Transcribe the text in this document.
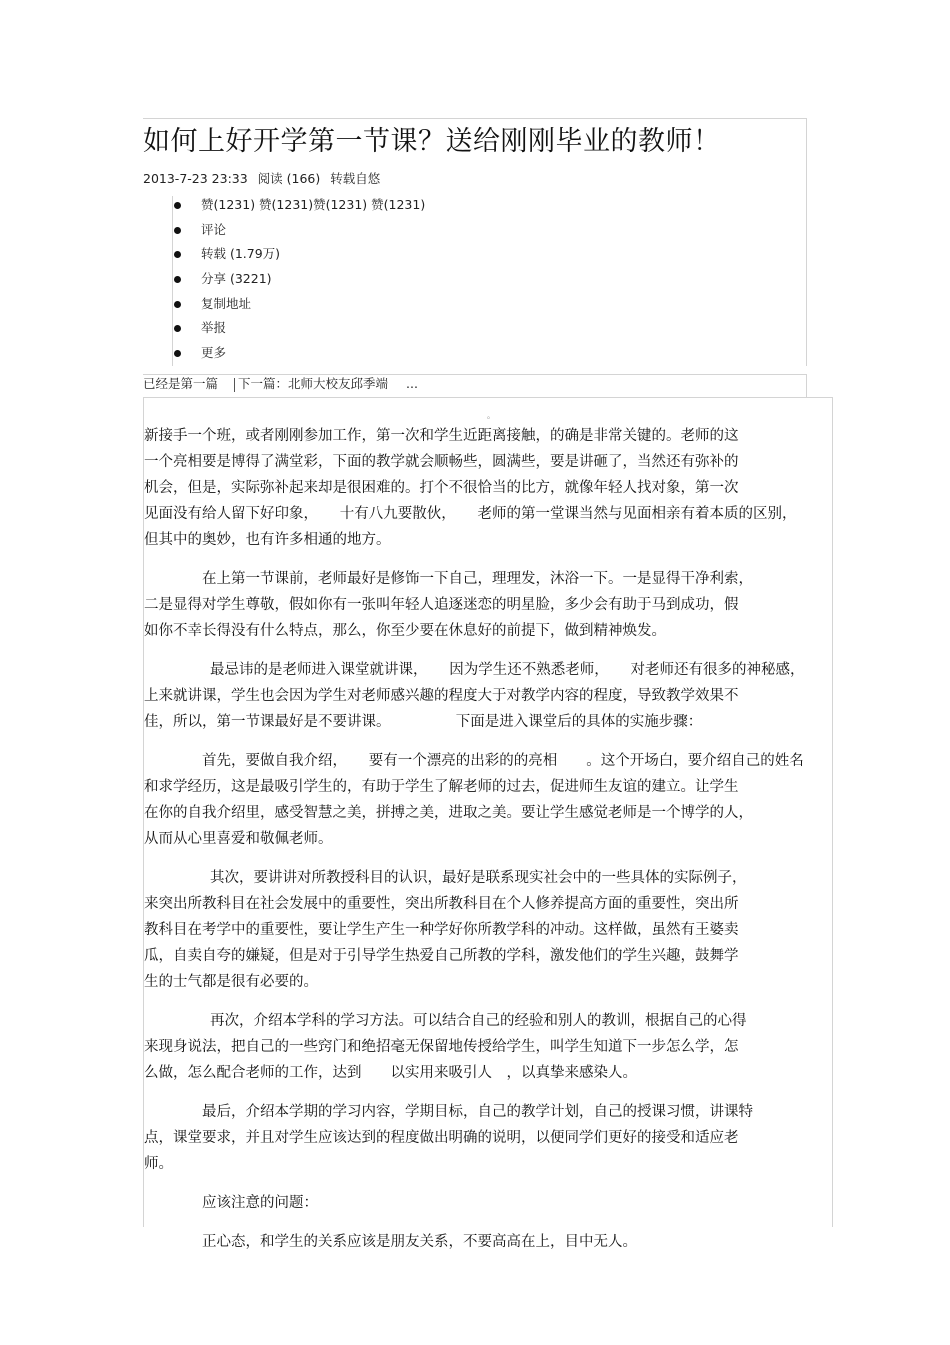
如何上好开学第一节课？送给刚刚毕业的教师！
2013-7-23 23:33 阅读 (166) 转载自悠
赞(1231) 赞(1231)赞(1231) 赞(1231)
评论
转载 (1.79万)
分享 (3221)
复制地址
举报
更多
已经是第一篇 下一篇：北师大校友邱季端 ...
。

新接手一个班，或者刚刚参加工作，第一次和学生近距离接触，的确是非常关键的。老师的这
一个亮相要是博得了满堂彩，下面的教学就会顺畅些，圆满些，要是讲砸了，当然还有弥补的
机会，但是，实际弥补起来却是很困难的。打个不很恰当的比方，就像年轻人找对象，第一次
见面没有给人留下好印象，　　十有八九要散伙，　　老师的第一堂课当然与见面相亲有着本质的区别，
但其中的奥妙，也有许多相通的地方。

在上第一节课前，老师最好是修饰一下自己，理理发，沐浴一下。一是显得干净利索，
二是显得对学生尊敬，假如你有一张叫年轻人追逐迷恋的明星脸，多少会有助于马到成功，假
如你不幸长得没有什么特点，那么，你至少要在休息好的前提下，做到精神焕发。

最忌讳的是老师进入课堂就讲课，　　因为学生还不熟悉老师，　　对老师还有很多的神秘感，
上来就讲课，学生也会因为学生对老师感兴趣的程度大于对教学内容的程度，导致教学效果不
佳，所以，第一节课最好是不要讲课。　　　　　下面是进入课堂后的具体的实施步骤：

首先，要做自我介绍，　　要有一个漂亮的出彩的的亮相　　。这个开场白，要介绍自己的姓名
和求学经历，这是最吸引学生的，有助于学生了解老师的过去，促进师生友谊的建立。让学生
在你的自我介绍里，感受智慧之美，拼搏之美，进取之美。要让学生感觉老师是一个博学的人，
从而从心里喜爱和敬佩老师。

其次，要讲讲对所教授科目的认识，最好是联系现实社会中的一些具体的实际例子，
来突出所教科目在社会发展中的重要性，突出所教科目在个人修养提高方面的重要性，突出所
教科目在考学中的重要性，要让学生产生一种学好你所教学科的冲动。这样做，虽然有王婆卖
瓜，自卖自夸的嫌疑，但是对于引导学生热爱自己所教的学科，激发他们的学生兴趣，鼓舞学
生的士气都是很有必要的。

再次，介绍本学科的学习方法。可以结合自己的经验和别人的教训，根据自己的心得
来现身说法，把自己的一些窍门和绝招毫无保留地传授给学生，叫学生知道下一步怎么学，怎
么做，怎么配合老师的工作，达到　　以实用来吸引人　，以真挚来感染人。

最后，介绍本学期的学习内容，学期目标，自己的教学计划，自己的授课习惯，讲课特
点，课堂要求，并且对学生应该达到的程度做出明确的说明，以便同学们更好的接受和适应老
师。

应该注意的问题：

正心态，和学生的关系应该是朋友关系，不要高高在上，目中无人。
